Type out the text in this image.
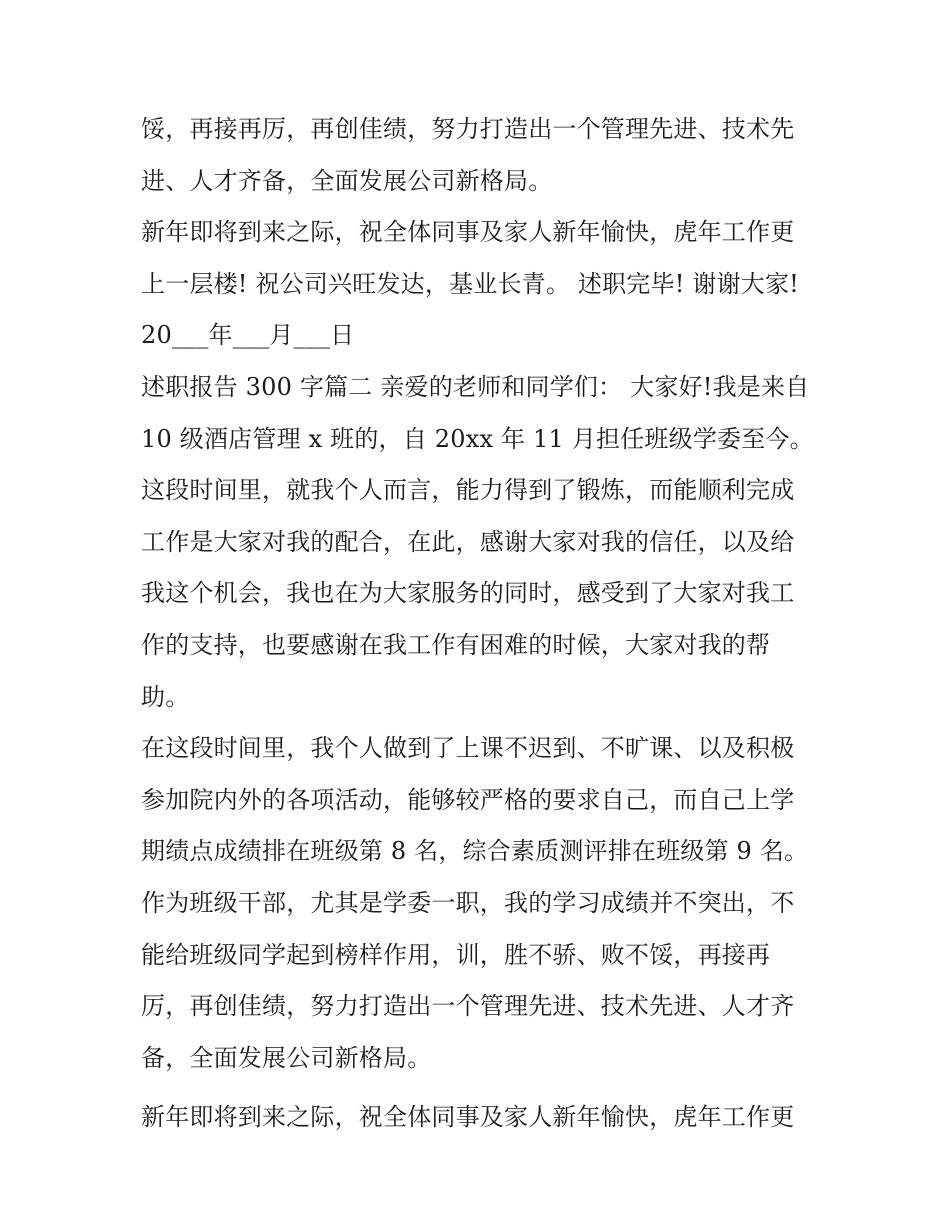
馁，再接再厉，再创佳绩，努力打造出一个管理先进、技术先
进、人才齐备，全面发展公司新格局。
新年即将到来之际，祝全体同事及家人新年愉快，虎年工作更
上一层楼! 祝公司兴旺发达，基业长青。 述职完毕! 谢谢大家!
20___年___月___日
述职报告 300 字篇二 亲爱的老师和同学们： 大家好!我是来自
10 级酒店管理 x 班的，自 20xx 年 11 月担任班级学委至今。
这段时间里，就我个人而言，能力得到了锻炼，而能顺利完成
工作是大家对我的配合，在此，感谢大家对我的信任，以及给
我这个机会，我也在为大家服务的同时，感受到了大家对我工
作的支持，也要感谢在我工作有困难的时候，大家对我的帮
助。
在这段时间里，我个人做到了上课不迟到、不旷课、以及积极
参加院内外的各项活动，能够较严格的要求自己，而自己上学
期绩点成绩排在班级第 8 名，综合素质测评排在班级第 9 名。
作为班级干部，尤其是学委一职，我的学习成绩并不突出，不
能给班级同学起到榜样作用，训，胜不骄、败不馁，再接再
厉，再创佳绩，努力打造出一个管理先进、技术先进、人才齐
备，全面发展公司新格局。
新年即将到来之际，祝全体同事及家人新年愉快，虎年工作更
